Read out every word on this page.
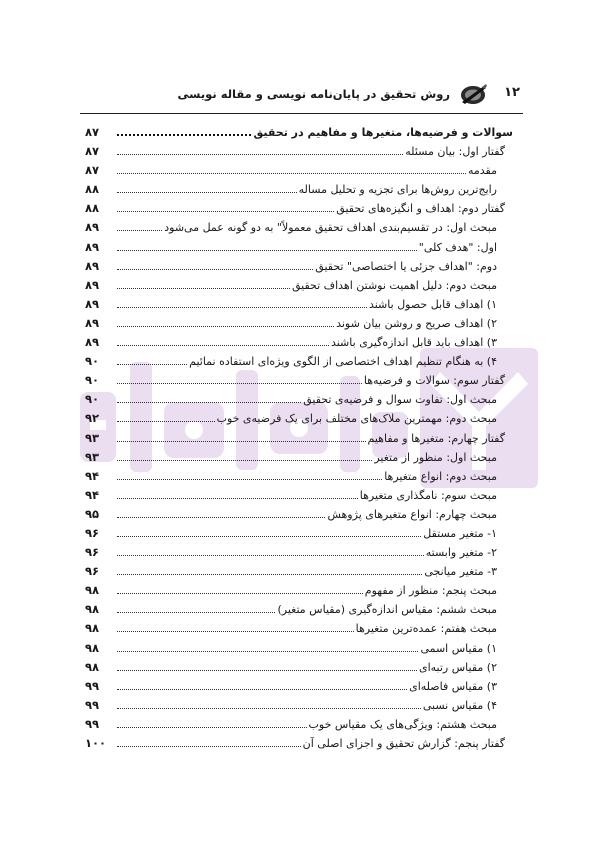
۱۲
روش تحقیق در پایان‌نامه نویسی و مقاله نویسی
سوالات و فرضیه‌ها، متغیرها و مفاهیم در تحقیق
۸۷
گفتار اول: بیان مسئله
۸۷
مقدمه
۸۷
رایج‌ترین روش‌ها برای تجزیه و تحلیل مساله
۸۸
گفتار دوم: اهداف و انگیزه‌های تحقیق
۸۸
مبحث اول: در تقسیم‌بندی اهداف تحقیق معمولاً" به دو گونه عمل می‌شود
۸۹
اول: "هدف کلی"
۸۹
دوم: "اهداف جزئی یا اختصاصی" تحقیق
۸۹
مبحث دوم: دلیل اهمیت نوشتن اهداف تحقیق
۸۹
۱) اهداف قابل حصول باشند
۸۹
۲) اهداف صریح و روشن بیان شوند
۸۹
۳) اهداف باید قابل اندازه‌گیری باشند
۸۹
۴) به هنگام تنظیم اهداف اختصاصی از الگوی ویژه‌ای استفاده نمائیم
۹۰
گفتار سوم: سوالات و فرضیه‌ها
۹۰
مبحث اول: تفاوت سوال و فرضیه‌ی تحقیق
۹۰
مبحث دوم: مهمترین ملاک‌های مختلف برای یک فرضیه‌ی خوب
۹۲
گفتار چهارم: متغیرها و مفاهیم
۹۳
مبحث اول: منظور از متغیر
۹۳
مبحث دوم: انواع متغیرها
۹۴
مبحث سوم: نامگذاری متغیرها
۹۴
مبحث چهارم: انواع متغیرهای پژوهش
۹۵
۱- متغیر مستقل
۹۶
۲- متغیر وابسته
۹۶
۳- متغیر میانجی
۹۶
مبحث پنجم: منظور از مفهوم
۹۸
مبحث ششم: مقیاس اندازه‌گیری (مقیاس متغیر)
۹۸
مبحث هفتم: عمده‌ترین متغیرها
۹۸
۱) مقیاس اسمی
۹۸
۲) مقیاس رتبه‌ای
۹۸
۳) مقیاس فاصله‌ای
۹۹
۴) مقیاس نسبی
۹۹
مبحث هشتم: ویژگی‌های یک مقیاس خوب
۹۹
گفتار پنجم: گزارش تحقیق و اجزای اصلی آن
۱۰۰
